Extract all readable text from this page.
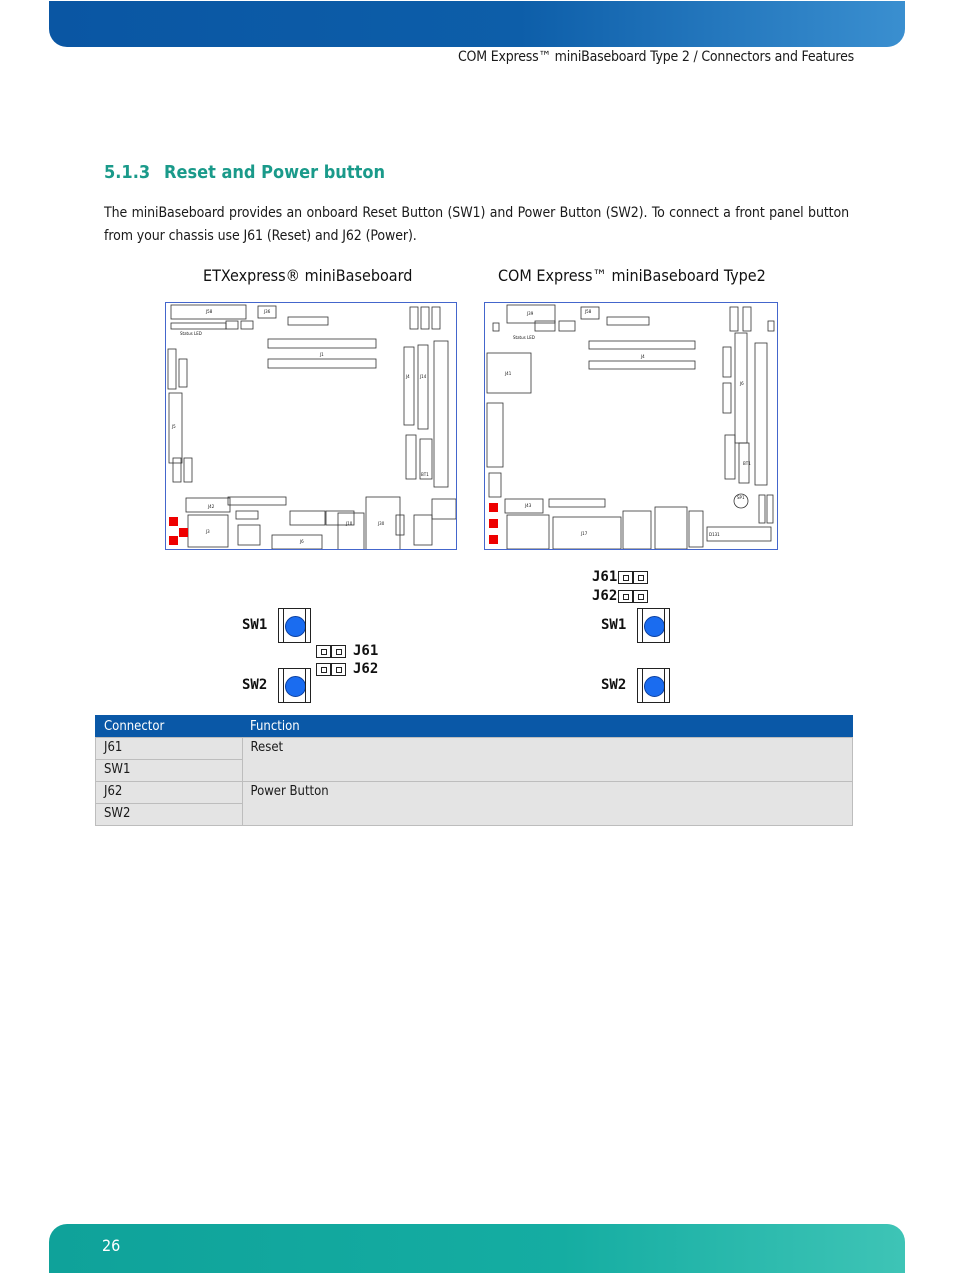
COM Express™ miniBaseboard Type 2 / Connectors and Features
5.1.3 Reset and Power button
The miniBaseboard provides an onboard Reset Button (SW1) and Power Button (SW2). To connect a front panel button from your chassis use J61 (Reset) and J62 (Power).
ETXexpress® miniBaseboard	COM Express™ miniBaseboard Type2
J58	J36
Status LED
J1
J4	J14
J5
J42
J3
J6
J10	J30
BT1
J39	J58
Status LED
J4
J41
J6
BT1
J43
J17	D131
SP1
SW1
J61
J62
SW2
J61
J62
SW1
SW2
Connector	Function
J61	Reset
SW1	
J62	Power Button
SW2	
26
